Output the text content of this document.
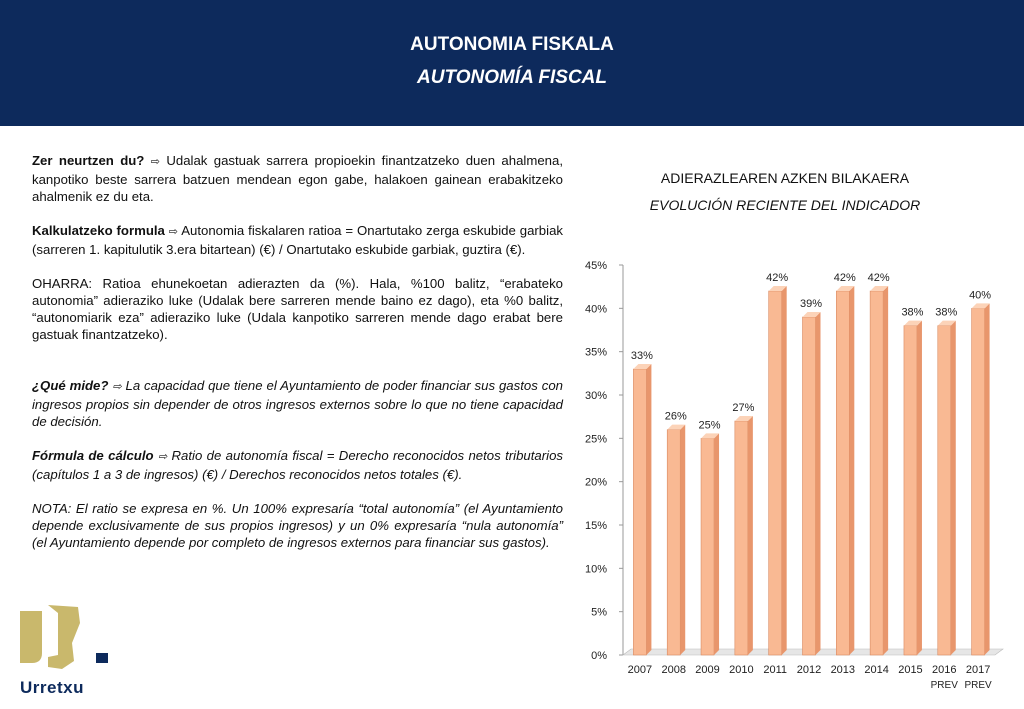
AUTONOMIA FISKALA
AUTONOMÍA FISCAL

Zer neurtzen du? ⇨ Udalak gastuak sarrera propioekin finantzatzeko duen ahalmena, kanpotiko beste sarrera batzuen mendean egon gabe, halakoen gainean erabakitzeko ahalmenik ez du eta.

Kalkulatzeko formula ⇨ Autonomia fiskalaren ratioa = Onartutako zerga eskubide garbiak (sarreren 1. kapitulutik 3.era bitartean) (€) / Onartutako eskubide garbiak, guztira (€).

OHARRA: Ratioa ehunekoetan adierazten da (%). Hala, %100 balitz, “erabateko autonomia” adieraziko luke (Udalak bere sarreren mende baino ez dago), eta %0 balitz, “autonomiarik eza” adieraziko luke (Udala kanpotiko sarreren mende dago erabat bere gastuak finantzatzeko).

¿Qué mide? ⇨ La capacidad que tiene el Ayuntamiento de poder financiar sus gastos con ingresos propios sin depender de otros ingresos externos sobre lo que no tiene capacidad de decisión.

Fórmula de cálculo ⇨ Ratio de autonomía fiscal = Derecho reconocidos netos tributarios (capítulos 1 a 3 de ingresos) (€) / Derechos reconocidos netos totales (€).

NOTA: El ratio se expresa en %. Un 100% expresaría “total autonomía” (el Ayuntamiento depende exclusivamente de sus propios ingresos) y un 0% expresaría “nula autonomía” (el Ayuntamiento depende por completo de ingresos externos para financiar sus gastos).

ADIERAZLEAREN AZKEN BILAKAERA
EVOLUCIÓN RECIENTE DEL INDICADOR
0%
5%
10%
15%
20%
25%
30%
35%
40%
45%
33%
2007
26%
2008
25%
2009
27%
2010
42%
2011
39%
2012
42%
2013
42%
2014
38%
2015
38%
2016
PREV
40%
2017
PREV
Urretxu
